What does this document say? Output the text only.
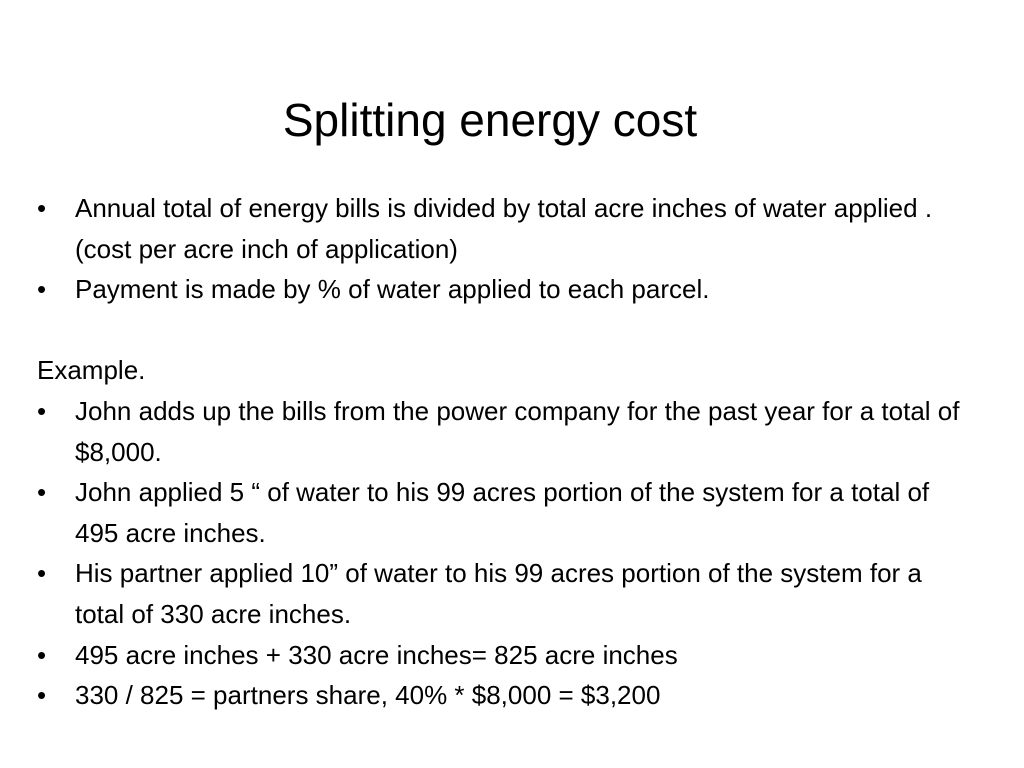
Splitting energy cost
•	Annual total of energy bills is divided by total acre inches of water applied . (cost per acre inch of application)
•	Payment is made by % of water applied to each parcel.

Example.

•	John adds up the bills from the power company for the past year for a total of $8,000.
•	John applied 5 “ of water to his 99 acres portion of the system for a total of 495 acre inches.
•	His partner applied 10” of water to his 99 acres portion of the system for a total of 330 acre inches.
•	495 acre inches + 330 acre inches= 825 acre inches
•	330 / 825 = partners share, 40% * $8,000 = $3,200
